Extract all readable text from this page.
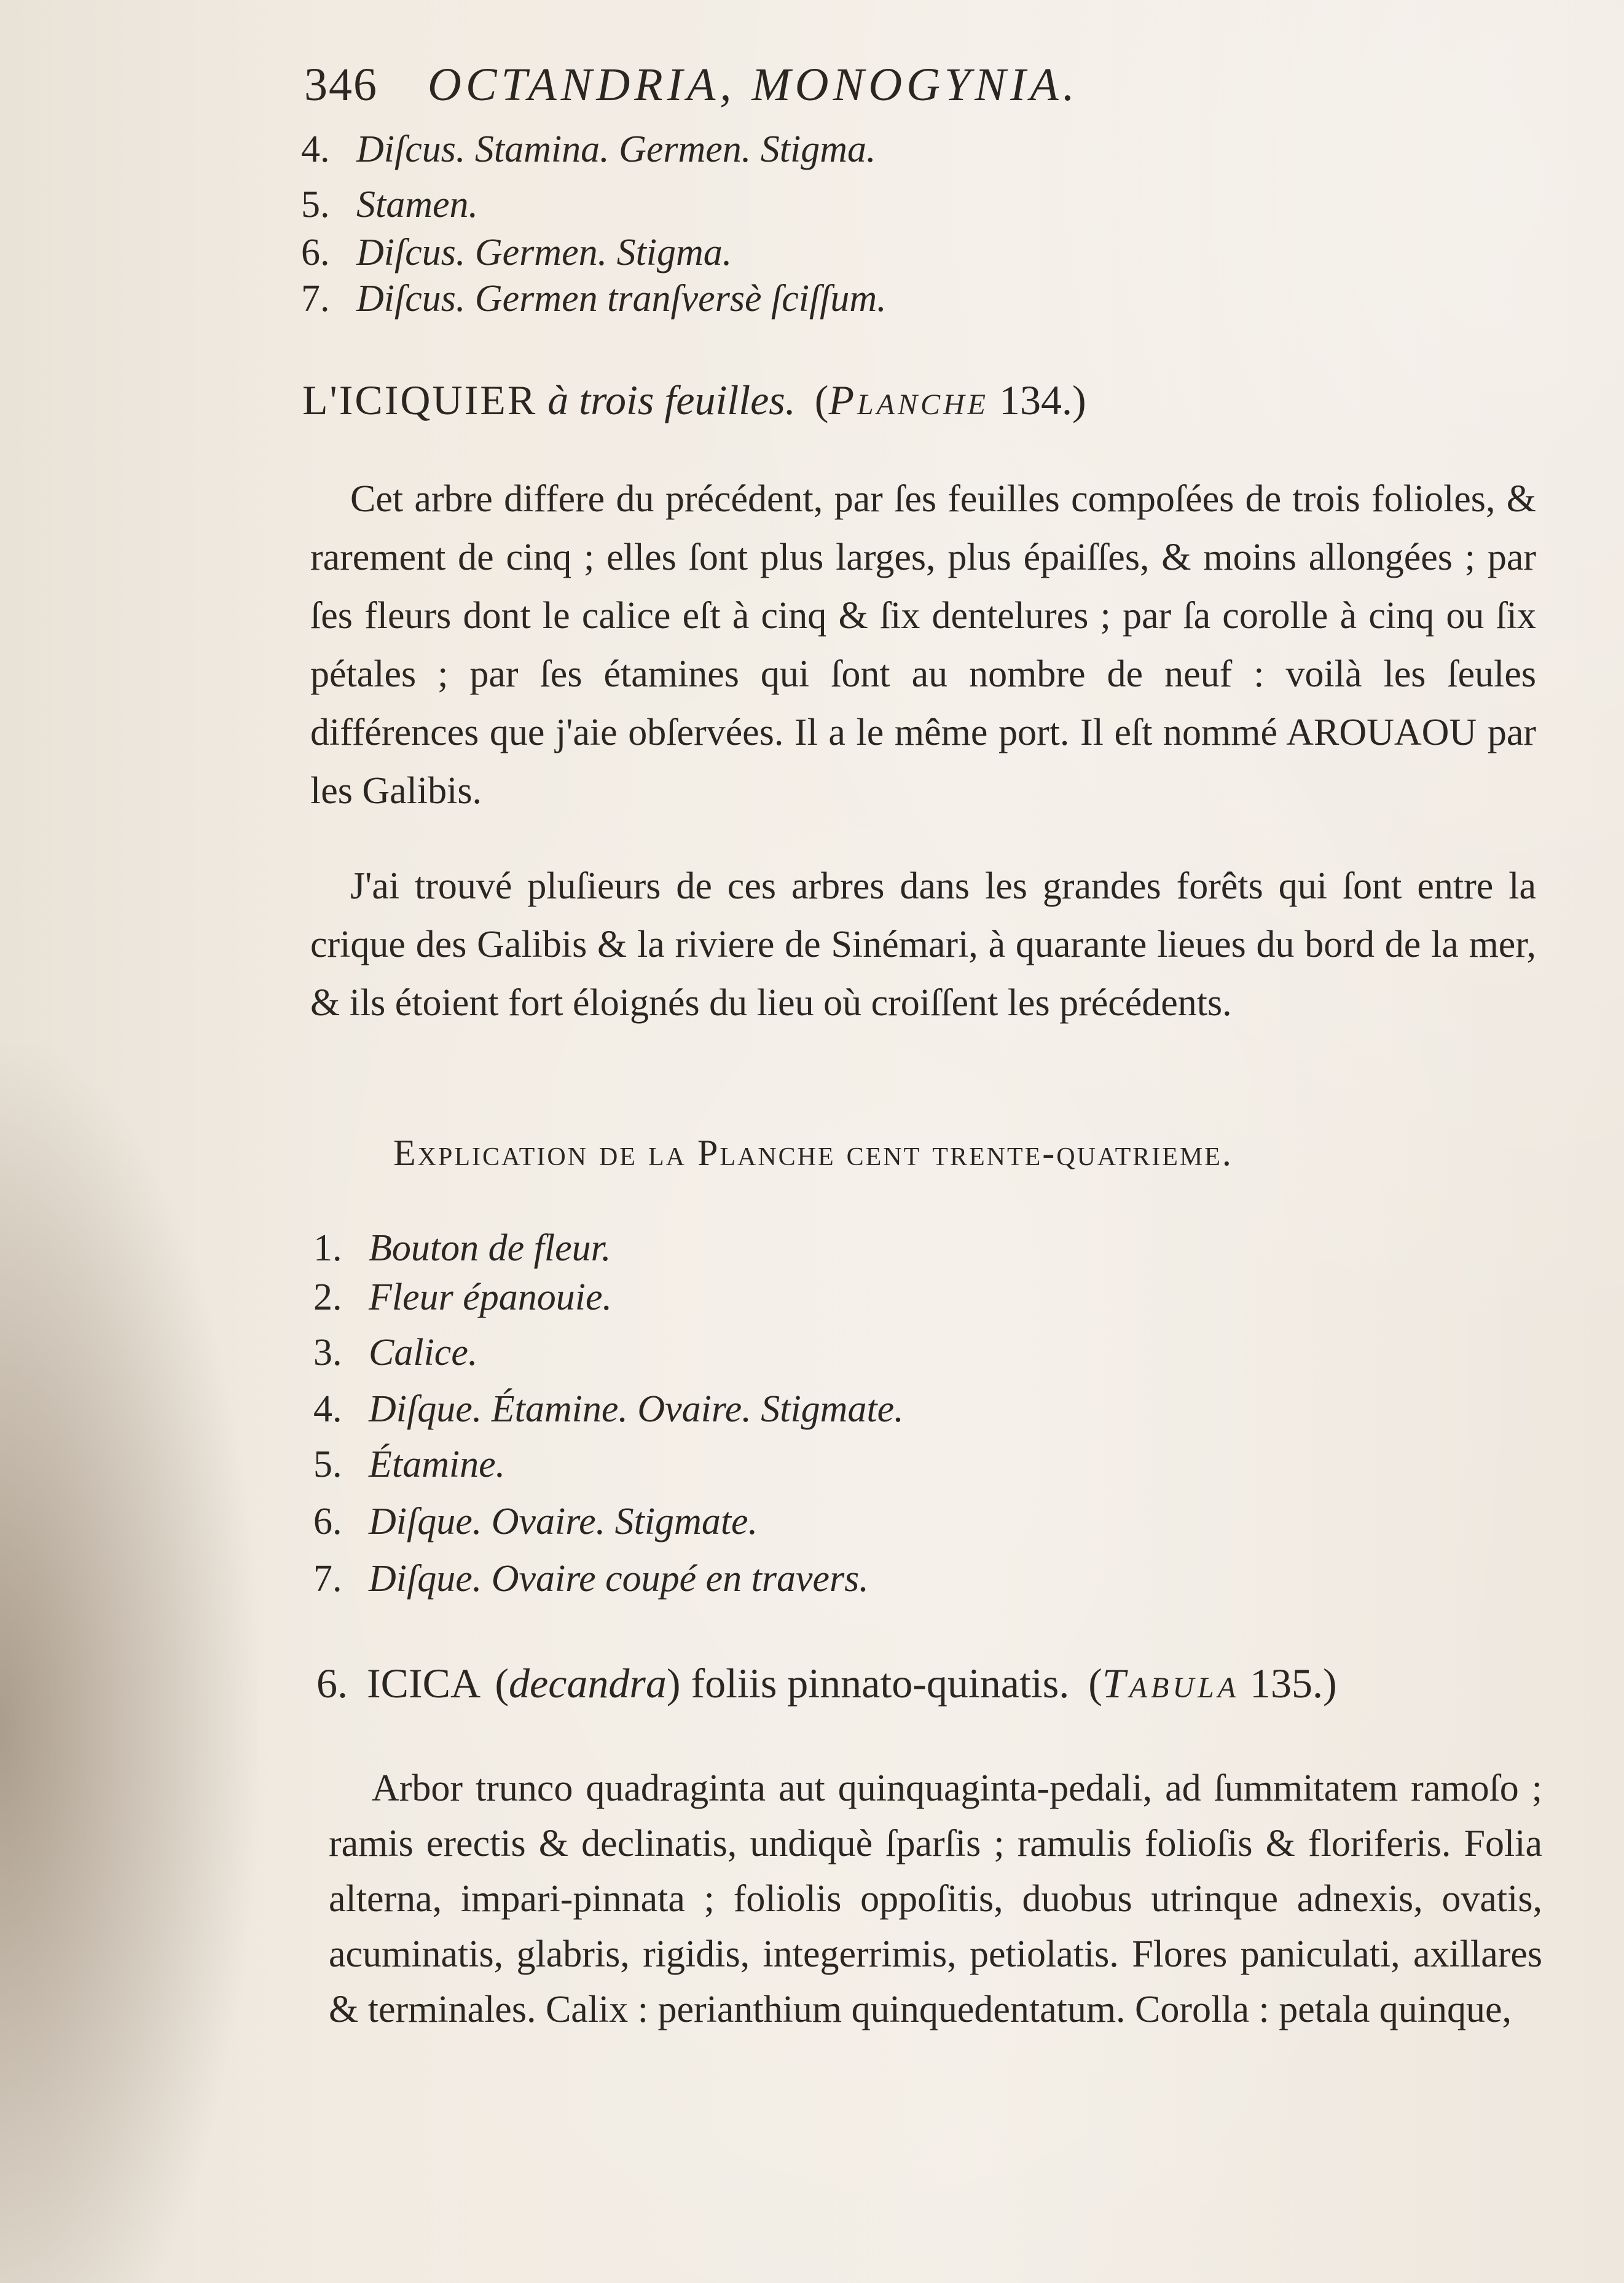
346 OCTANDRIA, MONOGYNIA.
4. Diſcus. Stamina. Germen. Stigma.
5. Stamen.
6. Diſcus. Germen. Stigma.
7. Diſcus. Germen tranſversè ſciſſum.
L'ICIQUIER à trois feuilles. (Planche 134.)
Cet arbre differe du précédent, par ſes feuilles compoſées de trois folioles, & rarement de cinq ; elles ſont plus larges, plus épaiſſes, & moins allongées ; par ſes fleurs dont le calice eſt à cinq & ſix dentelures ; par ſa corolle à cinq ou ſix pétales ; par ſes étamines qui ſont au nombre de neuf : voilà les ſeules différences que j'aie obſervées. Il a le même port. Il eſt nommé AROUAOU par les Galibis.
J'ai trouvé pluſieurs de ces arbres dans les grandes forêts qui ſont entre la crique des Galibis & la riviere de Sinémari, à quarante lieues du bord de la mer, & ils étoient fort éloignés du lieu où croiſſent les précédents.
Explication de la Planche cent trente-quatrieme.
1. Bouton de fleur.
2. Fleur épanouie.
3. Calice.
4. Diſque. Étamine. Ovaire. Stigmate.
5. Étamine.
6. Diſque. Ovaire. Stigmate.
7. Diſque. Ovaire coupé en travers.
6. ICICA (decandra) foliis pinnato-quinatis. (Tabula 135.)
Arbor trunco quadraginta aut quinquaginta-pedali, ad ſummitatem ramoſo ; ramis erectis & declinatis, undiquè ſparſis ; ramulis folioſis & floriferis. Folia alterna, impari-pinnata ; foliolis oppoſitis, duobus utrinque adnexis, ovatis, acuminatis, glabris, rigidis, integerrimis, petiolatis. Flores paniculati, axillares & terminales. Calix : perianthium quinquedentatum. Corolla : petala quinque,
